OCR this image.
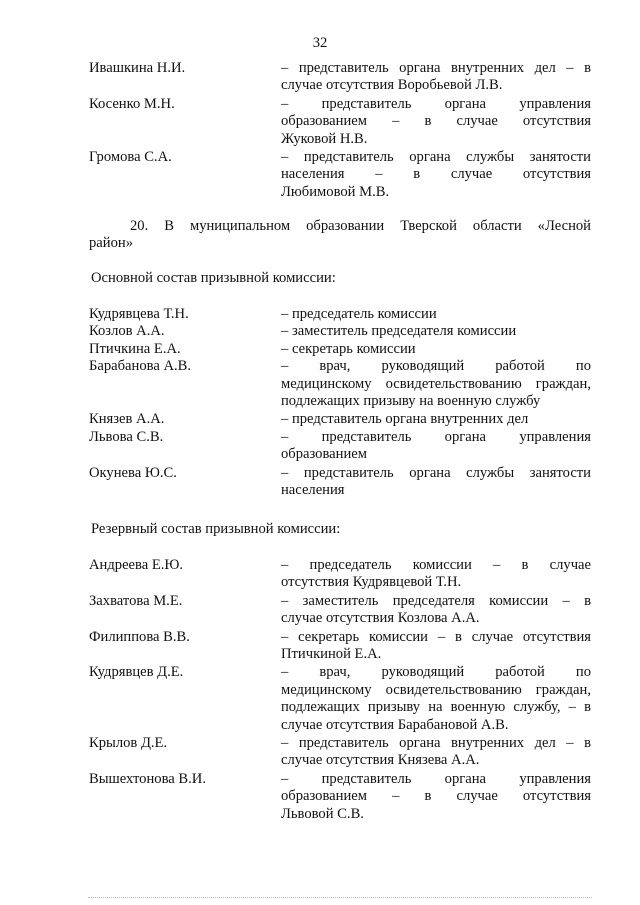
32
Ивашкина Н.И.	– представитель органа внутренних дел – в
случае отсутствия Воробьевой Л.В.
Косенко М.Н.	– представитель органа управления
образованием – в случае отсутствия
Жуковой Н.В.
Громова С.А.	– представитель органа службы занятости
населения – в случае отсутствия
Любимовой М.В.
20. В муниципальном образовании Тверской области «Лесной
район»
Основной состав призывной комиссии:
Кудрявцева Т.Н.	– председатель комиссии
Козлов А.А.	– заместитель председателя комиссии
Птичкина Е.А.	– секретарь комиссии
Барабанова А.В.	– врач, руководящий работой по
медицинскому освидетельствованию граждан,
подлежащих призыву на военную службу
Князев А.А.	– представитель органа внутренних дел
Львова С.В.	– представитель органа управления
образованием
Окунева Ю.С.	– представитель органа службы занятости
населения
Резервный состав призывной комиссии:
Андреева Е.Ю.	– председатель комиссии – в случае
отсутствия Кудрявцевой Т.Н.
Захватова М.Е.	– заместитель председателя комиссии – в
случае отсутствия Козлова А.А.
Филиппова В.В.	– секретарь комиссии – в случае отсутствия
Птичкиной Е.А.
Кудрявцев Д.Е.	– врач, руководящий работой по
медицинскому освидетельствованию граждан,
подлежащих призыву на военную службу, – в
случае отсутствия Барабановой А.В.
Крылов Д.Е.	– представитель органа внутренних дел – в
случае отсутствия Князева А.А.
Вышехтонова В.И.	– представитель органа управления
образованием – в случае отсутствия
Львовой С.В.
